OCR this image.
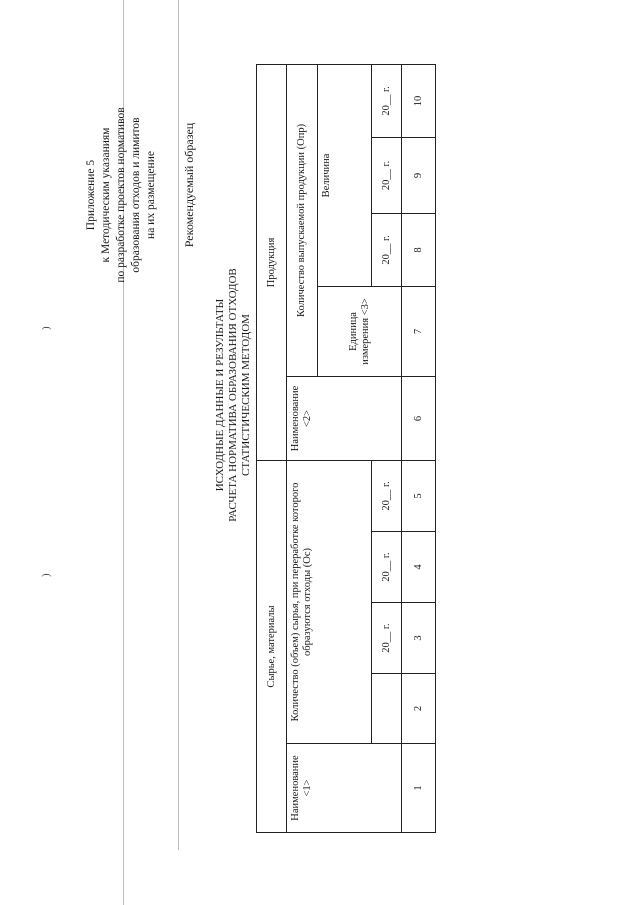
)
)
Приложение 5 к Методическим указаниям по разработке проектов нормативов образования отходов и лимитов на их размещение Рекомендуемый образец
ИСХОДНЫЕ ДАННЫЕ И РЕЗУЛЬТАТЫ РАСЧЕТА НОРМАТИВА ОБРАЗОВАНИЯ ОТХОДОВ СТАТИСТИЧЕСКИМ МЕТОДОМ
Сырье, материалы					Продукция				
Наименование <1>	Количество (объем) сырья, при переработке которого образуются отходы (Ос)				Наименование <2>	Количество выпускаемой продукции (Опр)			
						Единица измерения <3>	Величина		
		20__ г.	20__ г.	20__ г.			20__ г.	20__ г.	20__ г.
1	2	3	4	5	6	7	8	9	10
